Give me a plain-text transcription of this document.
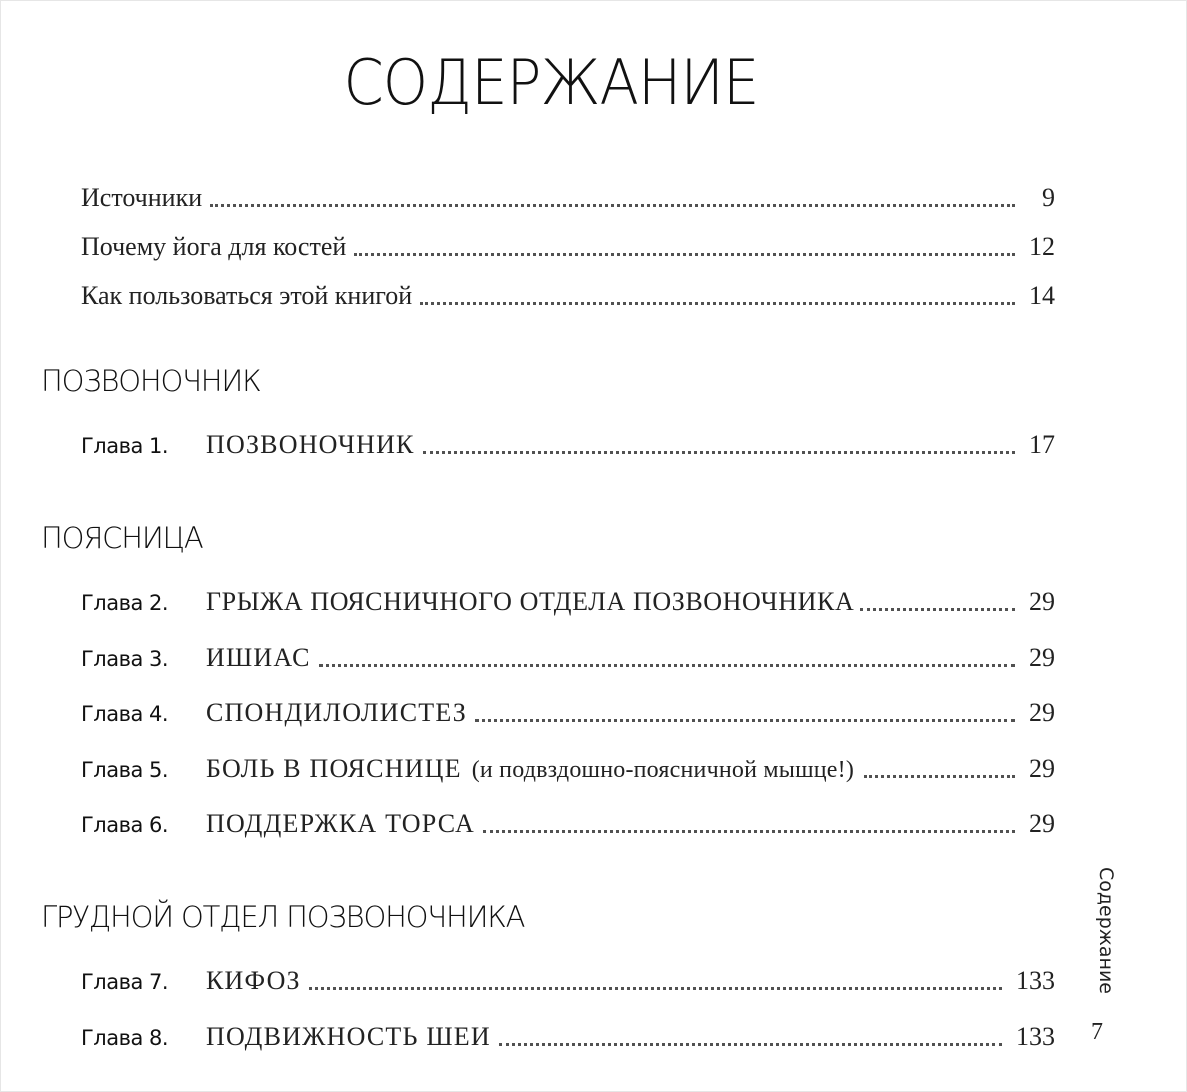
СОДЕРЖАНИЕ
Источники	9
Почему йога для костей	12
Как пользоваться этой книгой	14
ПОЗВОНОЧНИК
Глава 1.	ПОЗВОНОЧНИК	17
ПОЯСНИЦА
Глава 2.	ГРЫЖА ПОЯСНИЧНОГО ОТДЕЛА ПОЗВОНОЧНИКА	29
Глава 3.	ИШИАС	29
Глава 4.	СПОНДИЛОЛИСТЕЗ	29
Глава 5.	БОЛЬ В ПОЯСНИЦЕ (и подвздошно-поясничной мышце!)	29
Глава 6.	ПОДДЕРЖКА ТОРСА	29
ГРУДНОЙ ОТДЕЛ ПОЗВОНОЧНИКА
Глава 7.	КИФОЗ	133
Глава 8.	ПОДВИЖНОСТЬ ШЕИ	133
Содержание
7
